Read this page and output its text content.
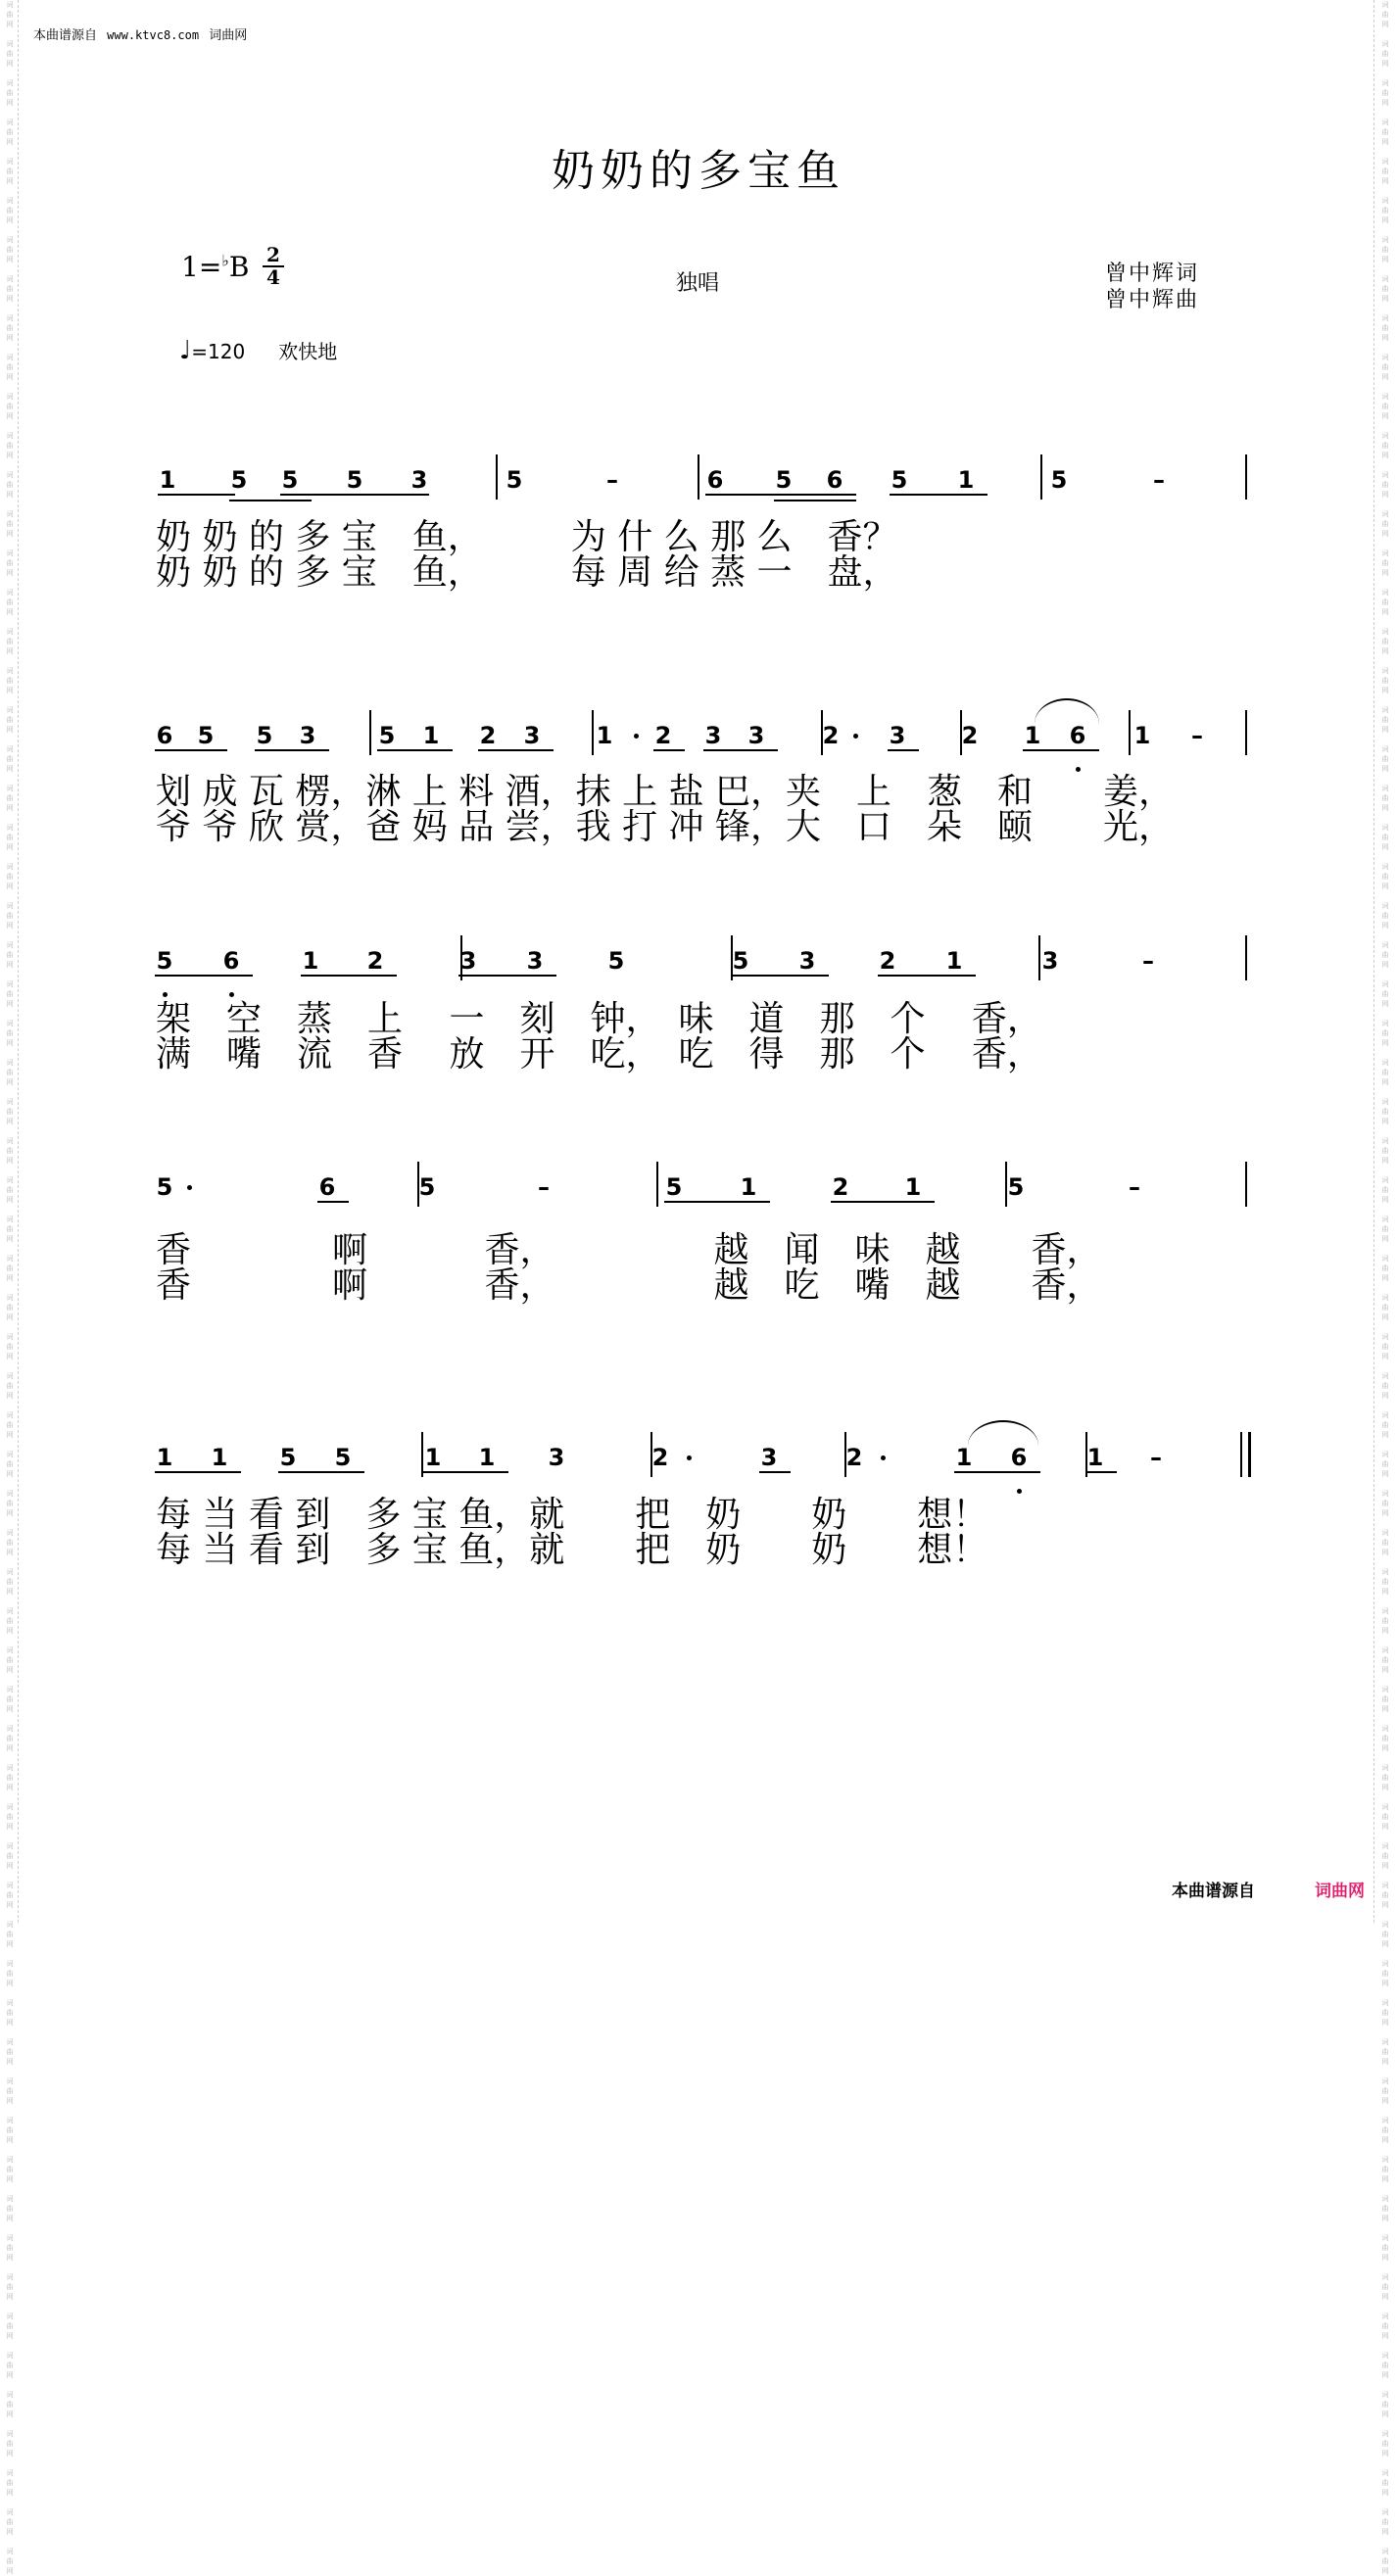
词
曲
网

词
曲
网

词
曲
网

词
曲
网

词
曲
网

词
曲
网

词
曲
网

词
曲
网

词
曲
网

词
曲
网

词
曲
网

词
曲
网

词
曲
网

词
曲
网

词
曲
网

词
曲
网

词
曲
网

词
曲
网

词
曲
网

词
曲
网

词
曲
网

词
曲
网

词
曲
网

词
曲
网

词
曲
网

词
曲
网

词
曲
网

词
曲
网

词
曲
网

词
曲
网

词
曲
网

词
曲
网

词
曲
网

词
曲
网

词
曲
网

词
曲
网

词
曲
网

词
曲
网

词
曲
网

词
曲
网

词
曲
网

词
曲
网

词
曲
网

词
曲
网

词
曲
网

词
曲
网

词
曲
网

词
曲
网

词
曲
网

词
曲
网

词
曲
网

词
曲
网

词
曲
网

词
曲
网

词
曲
网

词
曲
网

词
曲
网

词
曲
网

词
曲
网

词
曲
网

词
曲
网

词
曲
网

词
曲
网

词
曲
网

词
曲
网

词
曲
网

词
曲
网

词
曲
网

词
曲
网

词
曲
网

词
曲
网

词
曲
网

词
曲
网

词
曲
网

词
曲
网

词
曲
网

词
曲
网

词
曲
网

词
曲
网

词
曲
网

词
曲
网

词
曲
网

词
曲
网

词
曲
网

词
曲
网

词
曲
网

词
曲
网

词
曲
网

词
曲
网

词
曲
网

词
曲
网

词
曲
网

词
曲
网

词
曲
网

词
曲
网

词
曲
网

词
曲
网

词
曲
网

词
曲
网

词
曲
网

词
曲
网

词
曲
网

词
曲
网

词
曲
网

词
曲
网

词
曲
网

词
曲
网

词
曲
网

词
曲
网

词
曲
网

词
曲
网

词
曲
网

词
曲
网

词
曲
网

词
曲
网

词
曲
网

词
曲
网

词
曲
网

词
曲
网

词
曲
网

词
曲
网

词
曲
网

词
曲
网

词
曲
网

词
曲
网

词
曲
网

词
曲
网

词
曲
网

词
曲
网

词
曲
网

词
曲
网

词
曲
网

本曲谱源自 www.ktvc8.com 词曲网
奶奶的多宝鱼
1=♭B 2
4	独唱	曾中辉词
曾中辉曲
♩=120 欢快地
1 5 5 5 3	5	–	6 5 6 5 1	5	–
奶 奶 的 多 宝　鱼，　　　为 什 么 那 么　香？
奶 奶 的 多 宝　鱼，　　　每 周 给 蒸 一　盘，
6 5 5 3	5 1 2 3 1 2 3 3 2 3 2 1 6 1 –
划 成 瓦 楞，淋 上 料 酒，抹 上 盐 巴，夹　上　葱　和　　姜，
爷 爷 欣 赏，爸 妈 品 尝，我 打 冲 锋，大　口　朵　颐　　光，
5 6	1 2	3 3	5	5 3	2 1	3	–
架　空　蒸　上　 一　刻　钟，　味　道　那　个　 香，
满　嘴　流　香　 放　开　吃，　吃　得　那　个　 香，
5	6	5	–	5 1	2 1	5	–
香　　　　啊　　　 香，　　　　　越　闻　味　越　　香，
香　　　　啊　　　 香，　　　　　越　吃　嘴　越　　香，
1 1 5 5	1 1 3	2	3	2	1 6	1 –
每 当 看 到　多 宝 鱼，就　　把　奶　　奶　　想！
每 当 看 到　多 宝 鱼，就　　把　奶　　奶　　想！
本曲谱源自	词曲网
